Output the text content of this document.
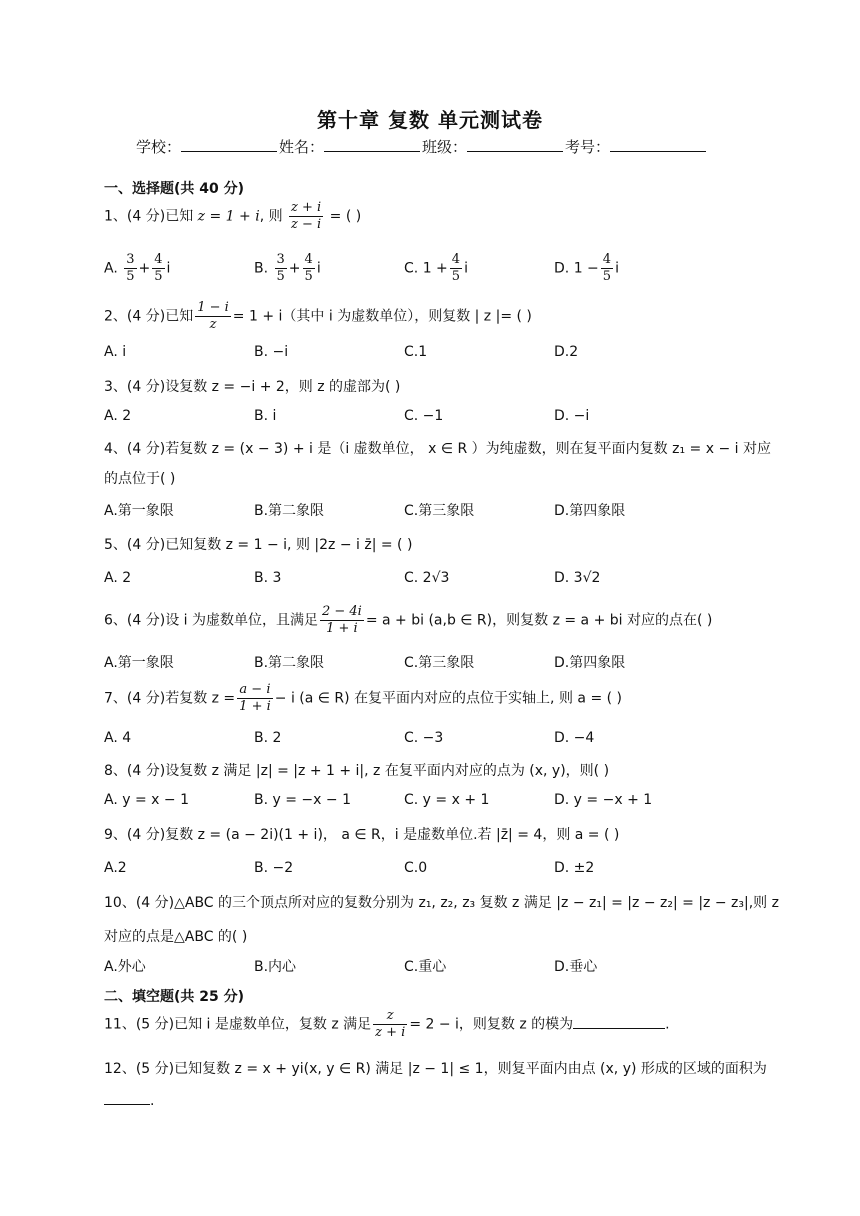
第十章 复数 单元测试卷
学校：	姓名：	班级：	考号：
一、选择题(共 40 分)
1、(4 分)已知 z = 1 + i, 则 $\frac{z + i}{z - i}$ = ( )
A. $\frac{3}{5} + \frac{4}{5}$ i	B. $\frac{3}{5} + \frac{4}{5}$ i	C. $1 + \frac{4}{5}$ i	D. $1 - \frac{4}{5}$ i
2、(4 分)已知 $\frac{1 - i}{z} = 1 + i$（其中 i 为虚数单位），则复数 | z |= ( )
A. i	B. −i	C.1	D.2
3、(4 分)设复数 z = −i + 2，则 z 的虚部为( )
A. 2	B. i	C. −1	D. −i
4、(4 分)若复数 z = (x − 3) + i 是（i 虚数单位， x ∈ R ）为纯虚数，则在复平面内复数 z₁ = x − i 对应
的点位于( )
A.第一象限	B.第二象限	C.第三象限	D.第四象限
5、(4 分)已知复数 z = 1 − i, 则 |2z − i z̄| = ( )
A. 2	B. 3	C. 2√3	D. 3√2
6、(4 分)设 i 为虚数单位，且满足 $\frac{2 - 4i}{1 + i} = a$ + bi (a,b ∈ R)，则复数 z = a + bi 对应的点在( )
A.第一象限	B.第二象限	C.第三象限	D.第四象限
7、(4 分)若复数 $z = \frac{a - i}{1 + i} - i$ (a ∈ R) 在复平面内对应的点位于实轴上, 则 a = ( )
A. 4	B. 2	C. −3	D. −4
8、(4 分)设复数 z 满足 |z| = |z + 1 + i|, z 在复平面内对应的点为 (x, y)，则( )
A. y = x − 1	B. y = −x − 1	C. y = x + 1	D. y = −x + 1
9、(4 分)复数 z = (a − 2i)(1 + i)， a ∈ R，i 是虚数单位.若 |z̄| = 4，则 a = ( )
A.2	B. −2	C.0	D. ±2
10、(4 分)△ABC 的三个顶点所对应的复数分别为 z₁, z₂, z₃ 复数 z 满足 |z − z₁| = |z − z₂| = |z − z₃|,则 z
对应的点是△ABC 的( )
A.外心	B.内心	C.重心	D.垂心
二、填空题(共 25 分)
11、(5 分)已知 i 是虚数单位，复数 z 满足 $\frac{z}{z + i} = 2 - i$，则复数 z 的模为	.
12、(5 分)已知复数 z = x + yi(x, y ∈ R) 满足 |z − 1| ≤ 1，则复平面内由点 (x, y) 形成的区域的面积为
.
